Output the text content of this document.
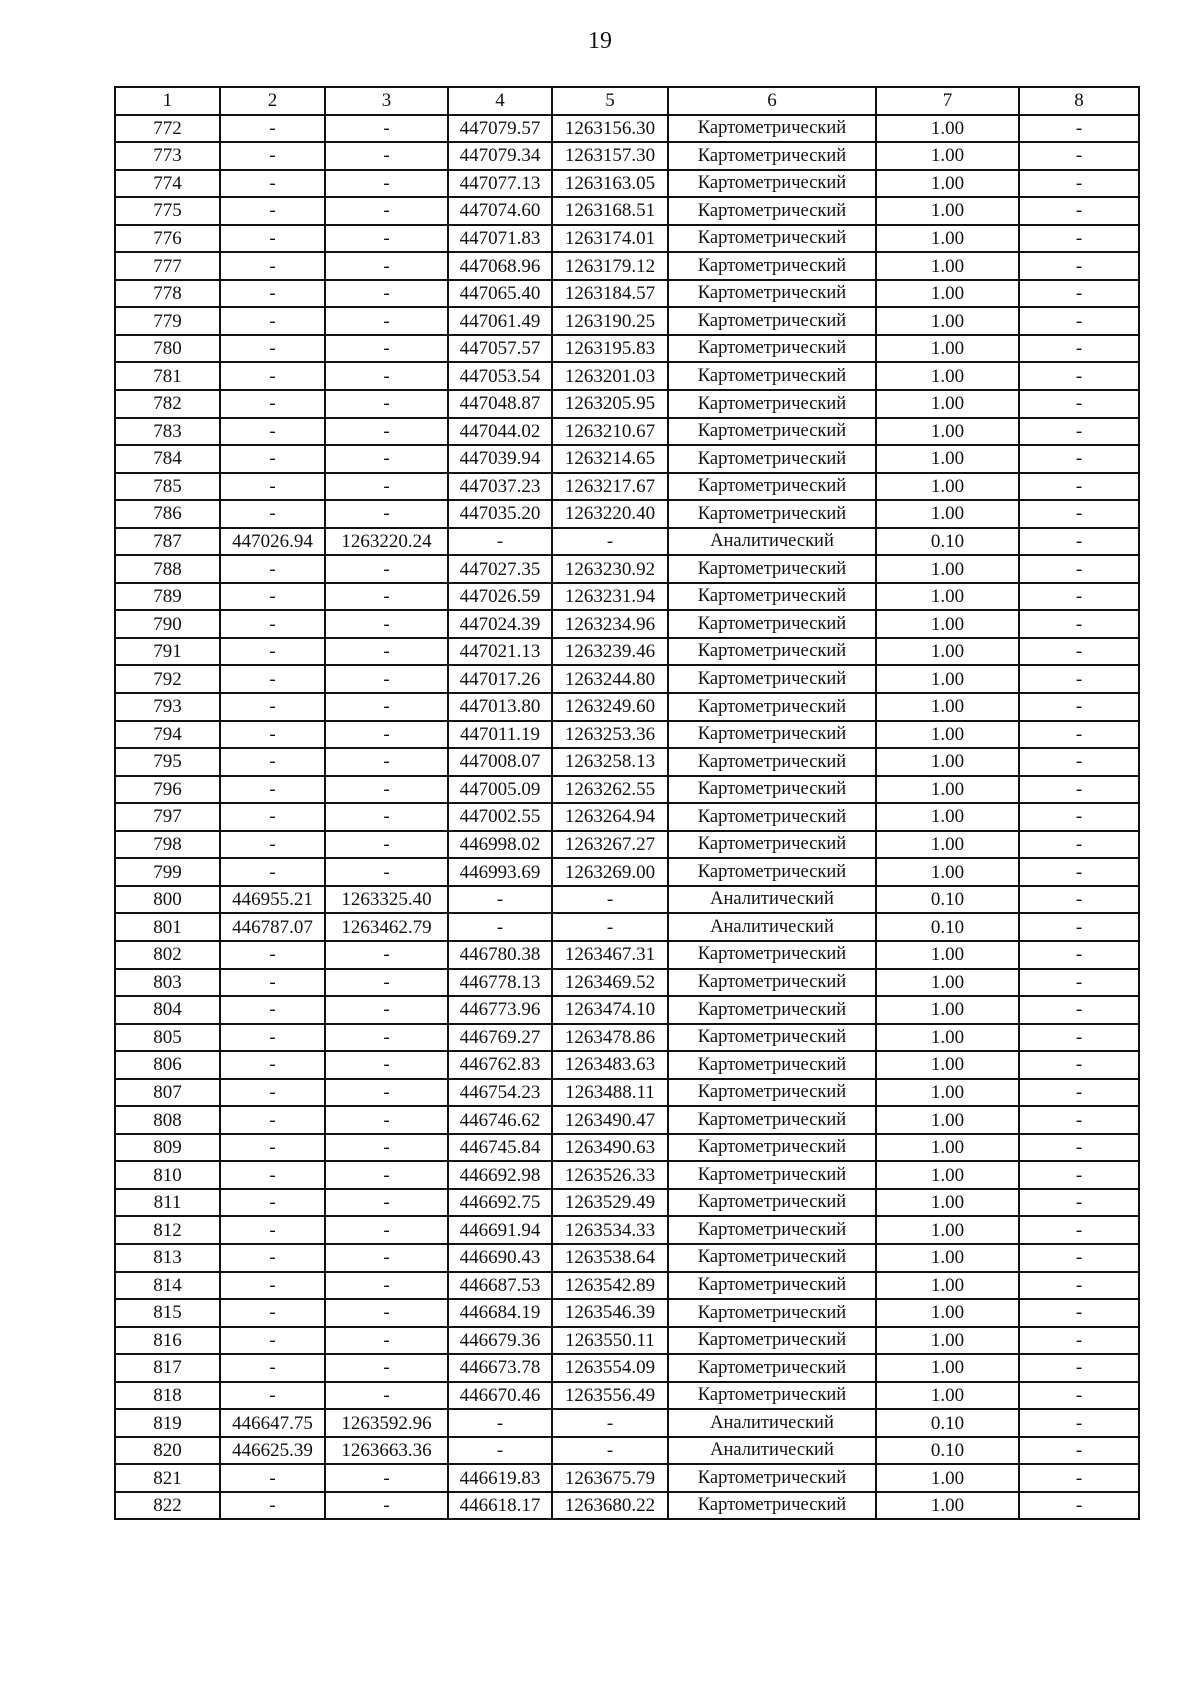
19
1	2	3	4	5	6	7	8
772	-	-	447079.57	1263156.30	Картометрический	1.00	-
773	-	-	447079.34	1263157.30	Картометрический	1.00	-
774	-	-	447077.13	1263163.05	Картометрический	1.00	-
775	-	-	447074.60	1263168.51	Картометрический	1.00	-
776	-	-	447071.83	1263174.01	Картометрический	1.00	-
777	-	-	447068.96	1263179.12	Картометрический	1.00	-
778	-	-	447065.40	1263184.57	Картометрический	1.00	-
779	-	-	447061.49	1263190.25	Картометрический	1.00	-
780	-	-	447057.57	1263195.83	Картометрический	1.00	-
781	-	-	447053.54	1263201.03	Картометрический	1.00	-
782	-	-	447048.87	1263205.95	Картометрический	1.00	-
783	-	-	447044.02	1263210.67	Картометрический	1.00	-
784	-	-	447039.94	1263214.65	Картометрический	1.00	-
785	-	-	447037.23	1263217.67	Картометрический	1.00	-
786	-	-	447035.20	1263220.40	Картометрический	1.00	-
787	447026.94	1263220.24	-	-	Аналитический	0.10	-
788	-	-	447027.35	1263230.92	Картометрический	1.00	-
789	-	-	447026.59	1263231.94	Картометрический	1.00	-
790	-	-	447024.39	1263234.96	Картометрический	1.00	-
791	-	-	447021.13	1263239.46	Картометрический	1.00	-
792	-	-	447017.26	1263244.80	Картометрический	1.00	-
793	-	-	447013.80	1263249.60	Картометрический	1.00	-
794	-	-	447011.19	1263253.36	Картометрический	1.00	-
795	-	-	447008.07	1263258.13	Картометрический	1.00	-
796	-	-	447005.09	1263262.55	Картометрический	1.00	-
797	-	-	447002.55	1263264.94	Картометрический	1.00	-
798	-	-	446998.02	1263267.27	Картометрический	1.00	-
799	-	-	446993.69	1263269.00	Картометрический	1.00	-
800	446955.21	1263325.40	-	-	Аналитический	0.10	-
801	446787.07	1263462.79	-	-	Аналитический	0.10	-
802	-	-	446780.38	1263467.31	Картометрический	1.00	-
803	-	-	446778.13	1263469.52	Картометрический	1.00	-
804	-	-	446773.96	1263474.10	Картометрический	1.00	-
805	-	-	446769.27	1263478.86	Картометрический	1.00	-
806	-	-	446762.83	1263483.63	Картометрический	1.00	-
807	-	-	446754.23	1263488.11	Картометрический	1.00	-
808	-	-	446746.62	1263490.47	Картометрический	1.00	-
809	-	-	446745.84	1263490.63	Картометрический	1.00	-
810	-	-	446692.98	1263526.33	Картометрический	1.00	-
811	-	-	446692.75	1263529.49	Картометрический	1.00	-
812	-	-	446691.94	1263534.33	Картометрический	1.00	-
813	-	-	446690.43	1263538.64	Картометрический	1.00	-
814	-	-	446687.53	1263542.89	Картометрический	1.00	-
815	-	-	446684.19	1263546.39	Картометрический	1.00	-
816	-	-	446679.36	1263550.11	Картометрический	1.00	-
817	-	-	446673.78	1263554.09	Картометрический	1.00	-
818	-	-	446670.46	1263556.49	Картометрический	1.00	-
819	446647.75	1263592.96	-	-	Аналитический	0.10	-
820	446625.39	1263663.36	-	-	Аналитический	0.10	-
821	-	-	446619.83	1263675.79	Картометрический	1.00	-
822	-	-	446618.17	1263680.22	Картометрический	1.00	-
